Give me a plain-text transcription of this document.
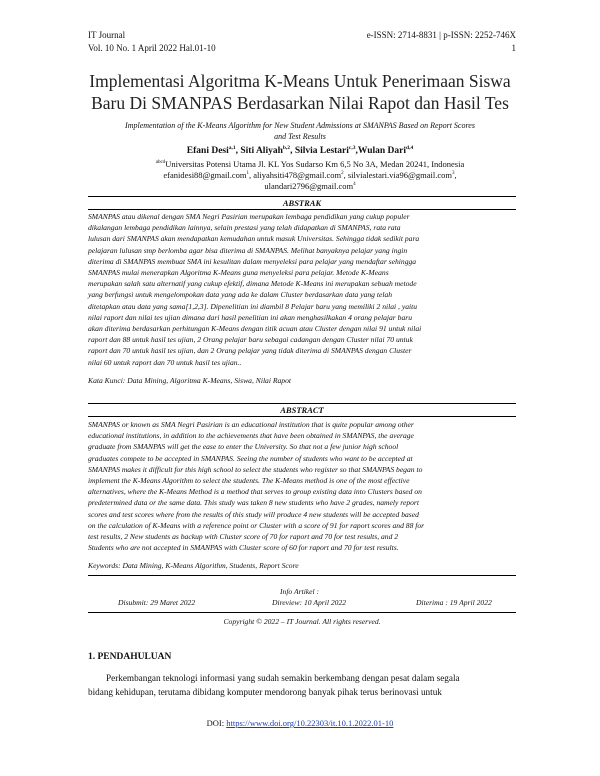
IT Journal	e-ISSN: 2714-8831 | p-ISSN: 2252-746X
Vol. 10 No. 1 April 2022 Hal.01-10	1
Implementasi Algoritma K-Means Untuk Penerimaan Siswa
Baru Di SMANPAS Berdasarkan Nilai Rapot dan Hasil Tes
Implementation of the K-Means Algorithm for New Student Admissions at SMANPAS Based on Report Scores
and Test Results
Efani Desi$^{a,1}$, Siti Aliyah$^{b,2}$, Silvia Lestari$^{c,3}$,Wulan Dari$^{d,4}$
$^{abcd}$Universitas Potensi Utama Jl. KL Yos Sudarso Km 6,5 No 3A, Medan 20241, Indonesia
efanidesi88@gmail.com$^1$, aliyahsiti478@gmail.com$^2$, silvialestari.via96@gmail.com$^3$,
ulandari2796@gmail.com$^4$
ABSTRAK
SMANPAS atau dikenal dengan SMA Negri Pasirian merupakan lembaga pendidikan yang cukup populer
dikalangan lembaga pendidikan lainnya, selain prestasi yang telah didapatkan di SMANPAS, rata rata
lulusan dari SMANPAS akan mendapatkan kemudahan untuk masuk Universitas. Sehingga tidak sedikit para
pelajaran lulusan smp berlomba agar bisa diterima di SMANPAS. Melihat banyaknya pelajar yang ingin
diterima di SMANPAS membuat SMA ini kesulitan dalam menyeleksi para pelajar yang mendaftar sehingga
SMANPAS mulai menerapkan Algoritma K-Means guna menyeleksi para pelajar. Metode K-Means
merupakan salah satu alternatif yang cukup efektif, dimana Metode K-Means ini merupakan sebuah metode
yang berfungsi untuk mengelompokan data yang ada ke dalam Cluster berdasarkan data yang telah
ditetapkan atau data yang sama[1,2,3]. Dipenelitian ini diambil 8 Pelajar baru yang memiliki 2 nilai , yaitu
nilai raport dan nilai tes ujian dimana dari hasil penelitian ini akan menghasilkakan 4 orang pelajar baru
akan diterima berdasarkan perhitungan K-Means dengan titik acuan atau Cluster dengan nilai 91 untuk nilai
raport dan 88 untuk hasil tes ujian, 2 Orang pelajar baru sebagai cadangan dengan Cluster nilai 70 untuk
raport dan 70 untuk hasil tes ujian, dan 2 Orang pelajar yang tidak diterima di SMANPAS dengan Cluster
nilai 60 untuk raport dan 70 untuk hasil tes ujian..
Kata Kunci: Data Mining, Algoritma K-Means, Siswa, Nilai Rapot
ABSTRACT
SMANPAS or known as SMA Negri Pasirian is an educational institution that is quite popular among other
educational institutions, in addition to the achievements that have been obtained in SMANPAS, the average
graduate from SMANPAS will get the ease to enter the University. So that not a few junior high school
graduates compete to be accepted in SMANPAS. Seeing the number of students who want to be accepted at
SMANPAS makes it difficult for this high school to select the students who register so that SMANPAS began to
implement the K-Means Algorithm to select the students. The K-Means method is one of the most effective
alternatives, where the K-Means Method is a method that serves to group existing data into Clusters based on
predetermined data or the same data. This study was taken 8 new students who have 2 grades, namely report
scores and test scores where from the results of this study will produce 4 new students will be accepted based
on the calculation of K-Means with a reference point or Cluster with a score of 91 for raport scores and 88 for
test results, 2 New students as backup with Cluster score of 70 for raport and 70 for test results, and 2
Students who are not accepted in SMANPAS with Cluster score of 60 for raport and 70 for test results.
Keywords: Data Mining, K-Means Algorithm, Students, Report Score
Info Artikel :
Disubmit: 29 Maret 2022	Direview: 10 April 2022	Diterima : 19 April 2022
Copyright © 2022 – IT Journal. All rights reserved.
1. PENDAHULUAN
Perkembangan teknologi informasi yang sudah semakin berkembang dengan pesat dalam segala
bidang kehidupan, terutama dibidang komputer mendorong banyak pihak terus berinovasi untuk
DOI: https://www.doi.org/10.22303/it.10.1.2022.01-10
